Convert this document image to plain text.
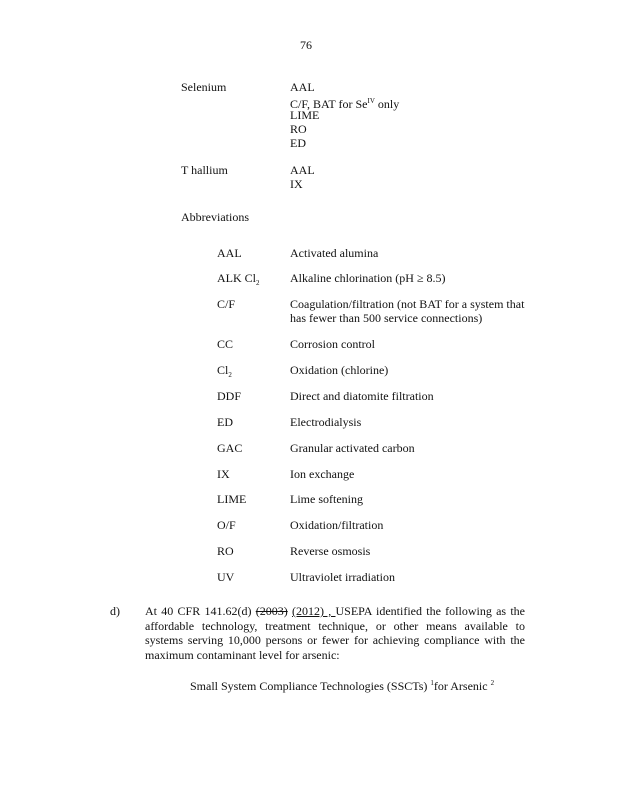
76
Selenium	AAL
C/F, BAT for $Se^{IV}$ only
LIME
RO
ED
T hallium	AAL
IX
Abbreviations
AAL	Activated alumina
ALK $Cl_2$	Alkaline chlorination (pH ≥ 8.5)
C/F	Coagulation/filtration (not BAT for a system that
has fewer than 500 service connections)
CC	Corrosion control
$Cl_2$	Oxidation (chlorine)
DDF	Direct and diatomite filtration
ED	Electrodialysis
GAC	Granular activated carbon
IX	Ion exchange
LIME	Lime softening
O/F	Oxidation/filtration
RO	Reverse osmosis
UV	Ultraviolet irradiation
d) At 40 CFR 141.62(d) (2003) (2012) , USEPA identified the following as the affordable technology, treatment technique, or other means available to systems serving 10,000 persons or fewer for achieving compliance with the maximum contaminant level for arsenic:
Small System Compliance Technologies (SSCTs) $^1$for Arsenic $^2$
